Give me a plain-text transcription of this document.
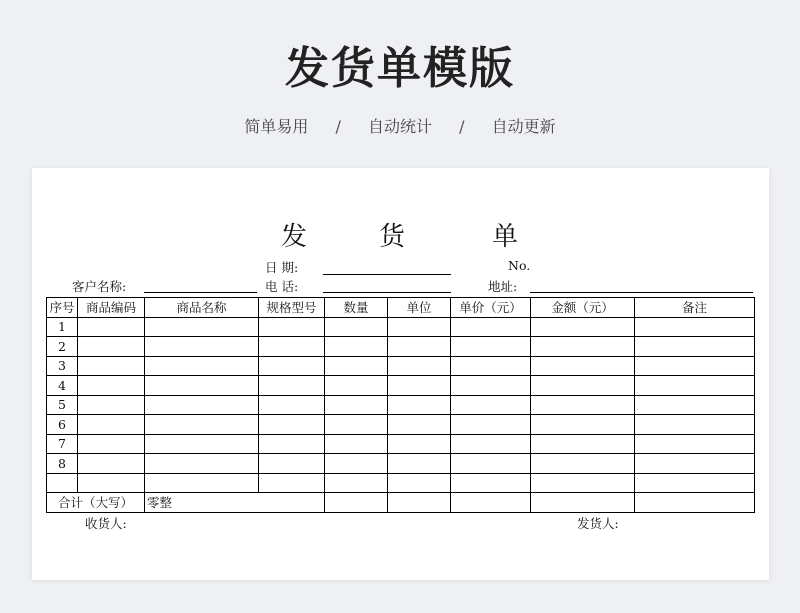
发货单模版
简单易用 / 自动统计 / 自动更新
发	货	单
日 期:	No.
客户名称:	电 话:	地址:
序号	商品编码	商品名称	规格型号	数量	单位	单价（元）	金额（元）	备注
1								
2								
3								
4								
5								
6								
7								
8								

合计（大写）		零整						
收货人:	发货人:
